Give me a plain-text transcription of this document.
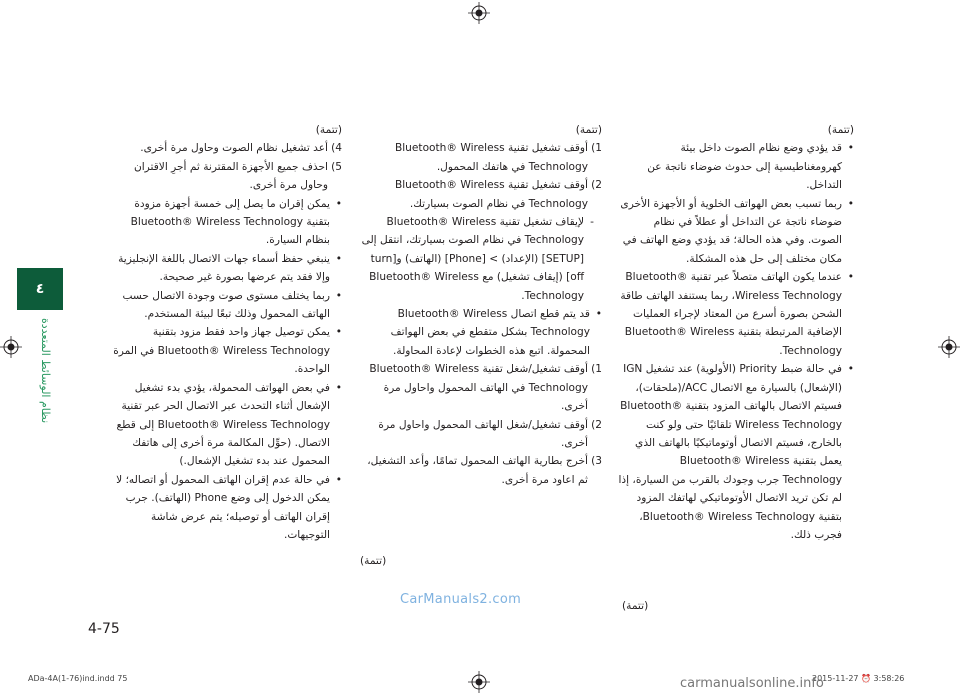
٤
نظام الوسائط المتعددة

(تتمة)

• قد يؤدي وضع نظام الصوت داخل بيئة كهرومغناطيسية إلى حدوث ضوضاء ناتجة عن التداخل.

• ربما تسبب بعض الهواتف الخلوية أو الأجهزة الأخرى ضوضاء ناتجة عن التداخل أو عطلاً في نظام الصوت. وفي هذه الحالة؛ قد يؤدي وضع الهاتف في مكان مختلف إلى حل هذه المشكلة.

• عندما يكون الهاتف متصلاً عبر تقنية Bluetooth® Wireless Technology، ربما يستنفد الهاتف طاقة الشحن بصورة أسرع من المعتاد لإجراء العمليات الإضافية المرتبطة بتقنية Bluetooth® Wireless Technology.

• في حالة ضبط Priority (الأولوية) عند تشغيل IGN (الإشعال) بالسيارة مع الاتصال ACC/(ملحقات)، فسيتم الاتصال بالهاتف المزود بتقنية Bluetooth® Wireless Technology تلقائيًا حتى ولو كنت بالخارج، فسيتم الاتصال أوتوماتيكيًا بالهاتف الذي يعمل بتقنية Bluetooth® Wireless Technology جرب وجودك بالقرب من السيارة، إذا لم تكن تريد الاتصال الأوتوماتيكي لهاتفك المزود بتقنية Bluetooth® Wireless Technology، فجرب ذلك.

(تتمة)

1)
أوقف تشغيل تقنية Bluetooth® Wireless Technology في هاتفك المحمول.

2)
أوقف تشغيل تقنية Bluetooth® Wireless Technology في نظام الصوت بسيارتك.

- لإيقاف تشغيل تقنية Bluetooth® Wireless Technology في نظام الصوت بسيارتك، انتقل إلى [SETUP] (الإعداد) > [Phone] (الهاتف) و[turn off] (إيقاف تشغيل) مع Bluetooth® Wireless Technology.

• قد يتم قطع اتصال Bluetooth® Wireless Technology بشكل متقطع في بعض الهواتف المحمولة. اتبع هذه الخطوات لإعادة المحاولة.

1)
أوقف تشغيل/شغل تقنية Bluetooth® Wireless Technology في الهاتف المحمول واحاول مرة أخرى.

2)
أوقف تشغيل/شغل الهاتف المحمول واحاول مرة أخرى.

3)
أخرج بطارية الهاتف المحمول تمامًا، وأعد التشغيل، ثم اعاود مرة أخرى.

(تتمة)

4)
أعد تشغيل نظام الصوت وحاول مرة أخرى.

5)
احذف جميع الأجهزة المقترنة ثم أجرِ الاقتران وحاول مرة أخرى.

• يمكن إقران ما يصل إلى خمسة أجهزة مزودة بتقنية Bluetooth® Wireless Technology بنظام السيارة.

• ينبغي حفظ أسماء جهات الاتصال باللغة الإنجليزية وإلا فقد يتم عرضها بصورة غير صحيحة.

• ربما يختلف مستوى صوت وجودة الاتصال حسب الهاتف المحمول وذلك تبعًا لبيئة المستخدم.

• يمكن توصيل جهاز واحد فقط مزود بتقنية Bluetooth® Wireless Technology في المرة الواحدة.

• في بعض الهواتف المحمولة، يؤدي بدء تشغيل الإشعال أثناء التحدث عبر الاتصال الحر عبر تقنية Bluetooth® Wireless Technology إلى قطع الاتصال. (حوِّل المكالمة مرة أخرى إلى هاتفك المحمول عند بدء تشغيل الإشعال.)

• في حالة عدم إقران الهاتف المحمول أو اتصاله؛ لا يمكن الدخول إلى وضع Phone (الهاتف). جرب إقران الهاتف أو توصيله؛ يتم عرض شاشة التوجيهات.

(تتمة)
(تتمة)
CarManuals2.com
4-75
ADa-4A(1-76)ind.indd 75	2015-11-27 ⏰ 3:58:26
carmanualsonline.info
